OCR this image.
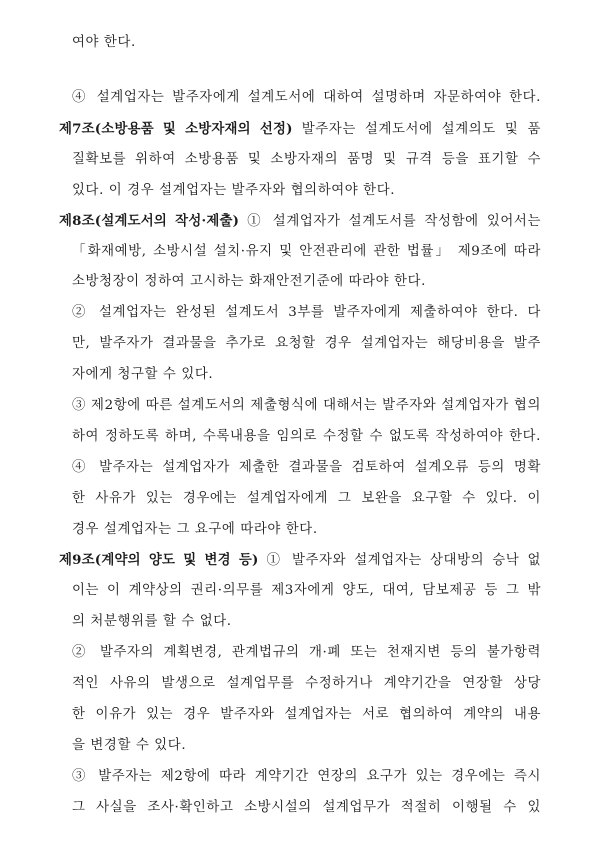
여야 한다.
④ 설계업자는 발주자에게 설계도서에 대하여 설명하며 자문하여야 한다.
제7조(소방용품 및 소방자재의 선정) 발주자는 설계도서에 설계의도 및 품
질확보를 위하여 소방용품 및 소방자재의 품명 및 규격 등을 표기할 수
있다. 이 경우 설계업자는 발주자와 협의하여야 한다.
제8조(설계도서의 작성·제출) ① 설계업자가 설계도서를 작성함에 있어서는
「화재예방, 소방시설 설치·유지 및 안전관리에 관한 법률」 제9조에 따라
소방청장이 정하여 고시하는 화재안전기준에 따라야 한다.
② 설계업자는 완성된 설계도서 3부를 발주자에게 제출하여야 한다. 다
만, 발주자가 결과물을 추가로 요청할 경우 설계업자는 해당비용을 발주
자에게 청구할 수 있다.
③ 제2항에 따른 설계도서의 제출형식에 대해서는 발주자와 설계업자가 협의
하여 정하도록 하며, 수록내용을 임의로 수정할 수 없도록 작성하여야 한다.
④ 발주자는 설계업자가 제출한 결과물을 검토하여 설계오류 등의 명확
한 사유가 있는 경우에는 설계업자에게 그 보완을 요구할 수 있다. 이
경우 설계업자는 그 요구에 따라야 한다.
제9조(계약의 양도 및 변경 등) ① 발주자와 설계업자는 상대방의 승낙 없
이는 이 계약상의 권리·의무를 제3자에게 양도, 대여, 담보제공 등 그 밖
의 처분행위를 할 수 없다.
② 발주자의 계획변경, 관계법규의 개·폐 또는 천재지변 등의 불가항력
적인 사유의 발생으로 설계업무를 수정하거나 계약기간을 연장할 상당
한 이유가 있는 경우 발주자와 설계업자는 서로 협의하여 계약의 내용
을 변경할 수 있다.
③ 발주자는 제2항에 따라 계약기간 연장의 요구가 있는 경우에는 즉시
그 사실을 조사·확인하고 소방시설의 설계업무가 적절히 이행될 수 있
